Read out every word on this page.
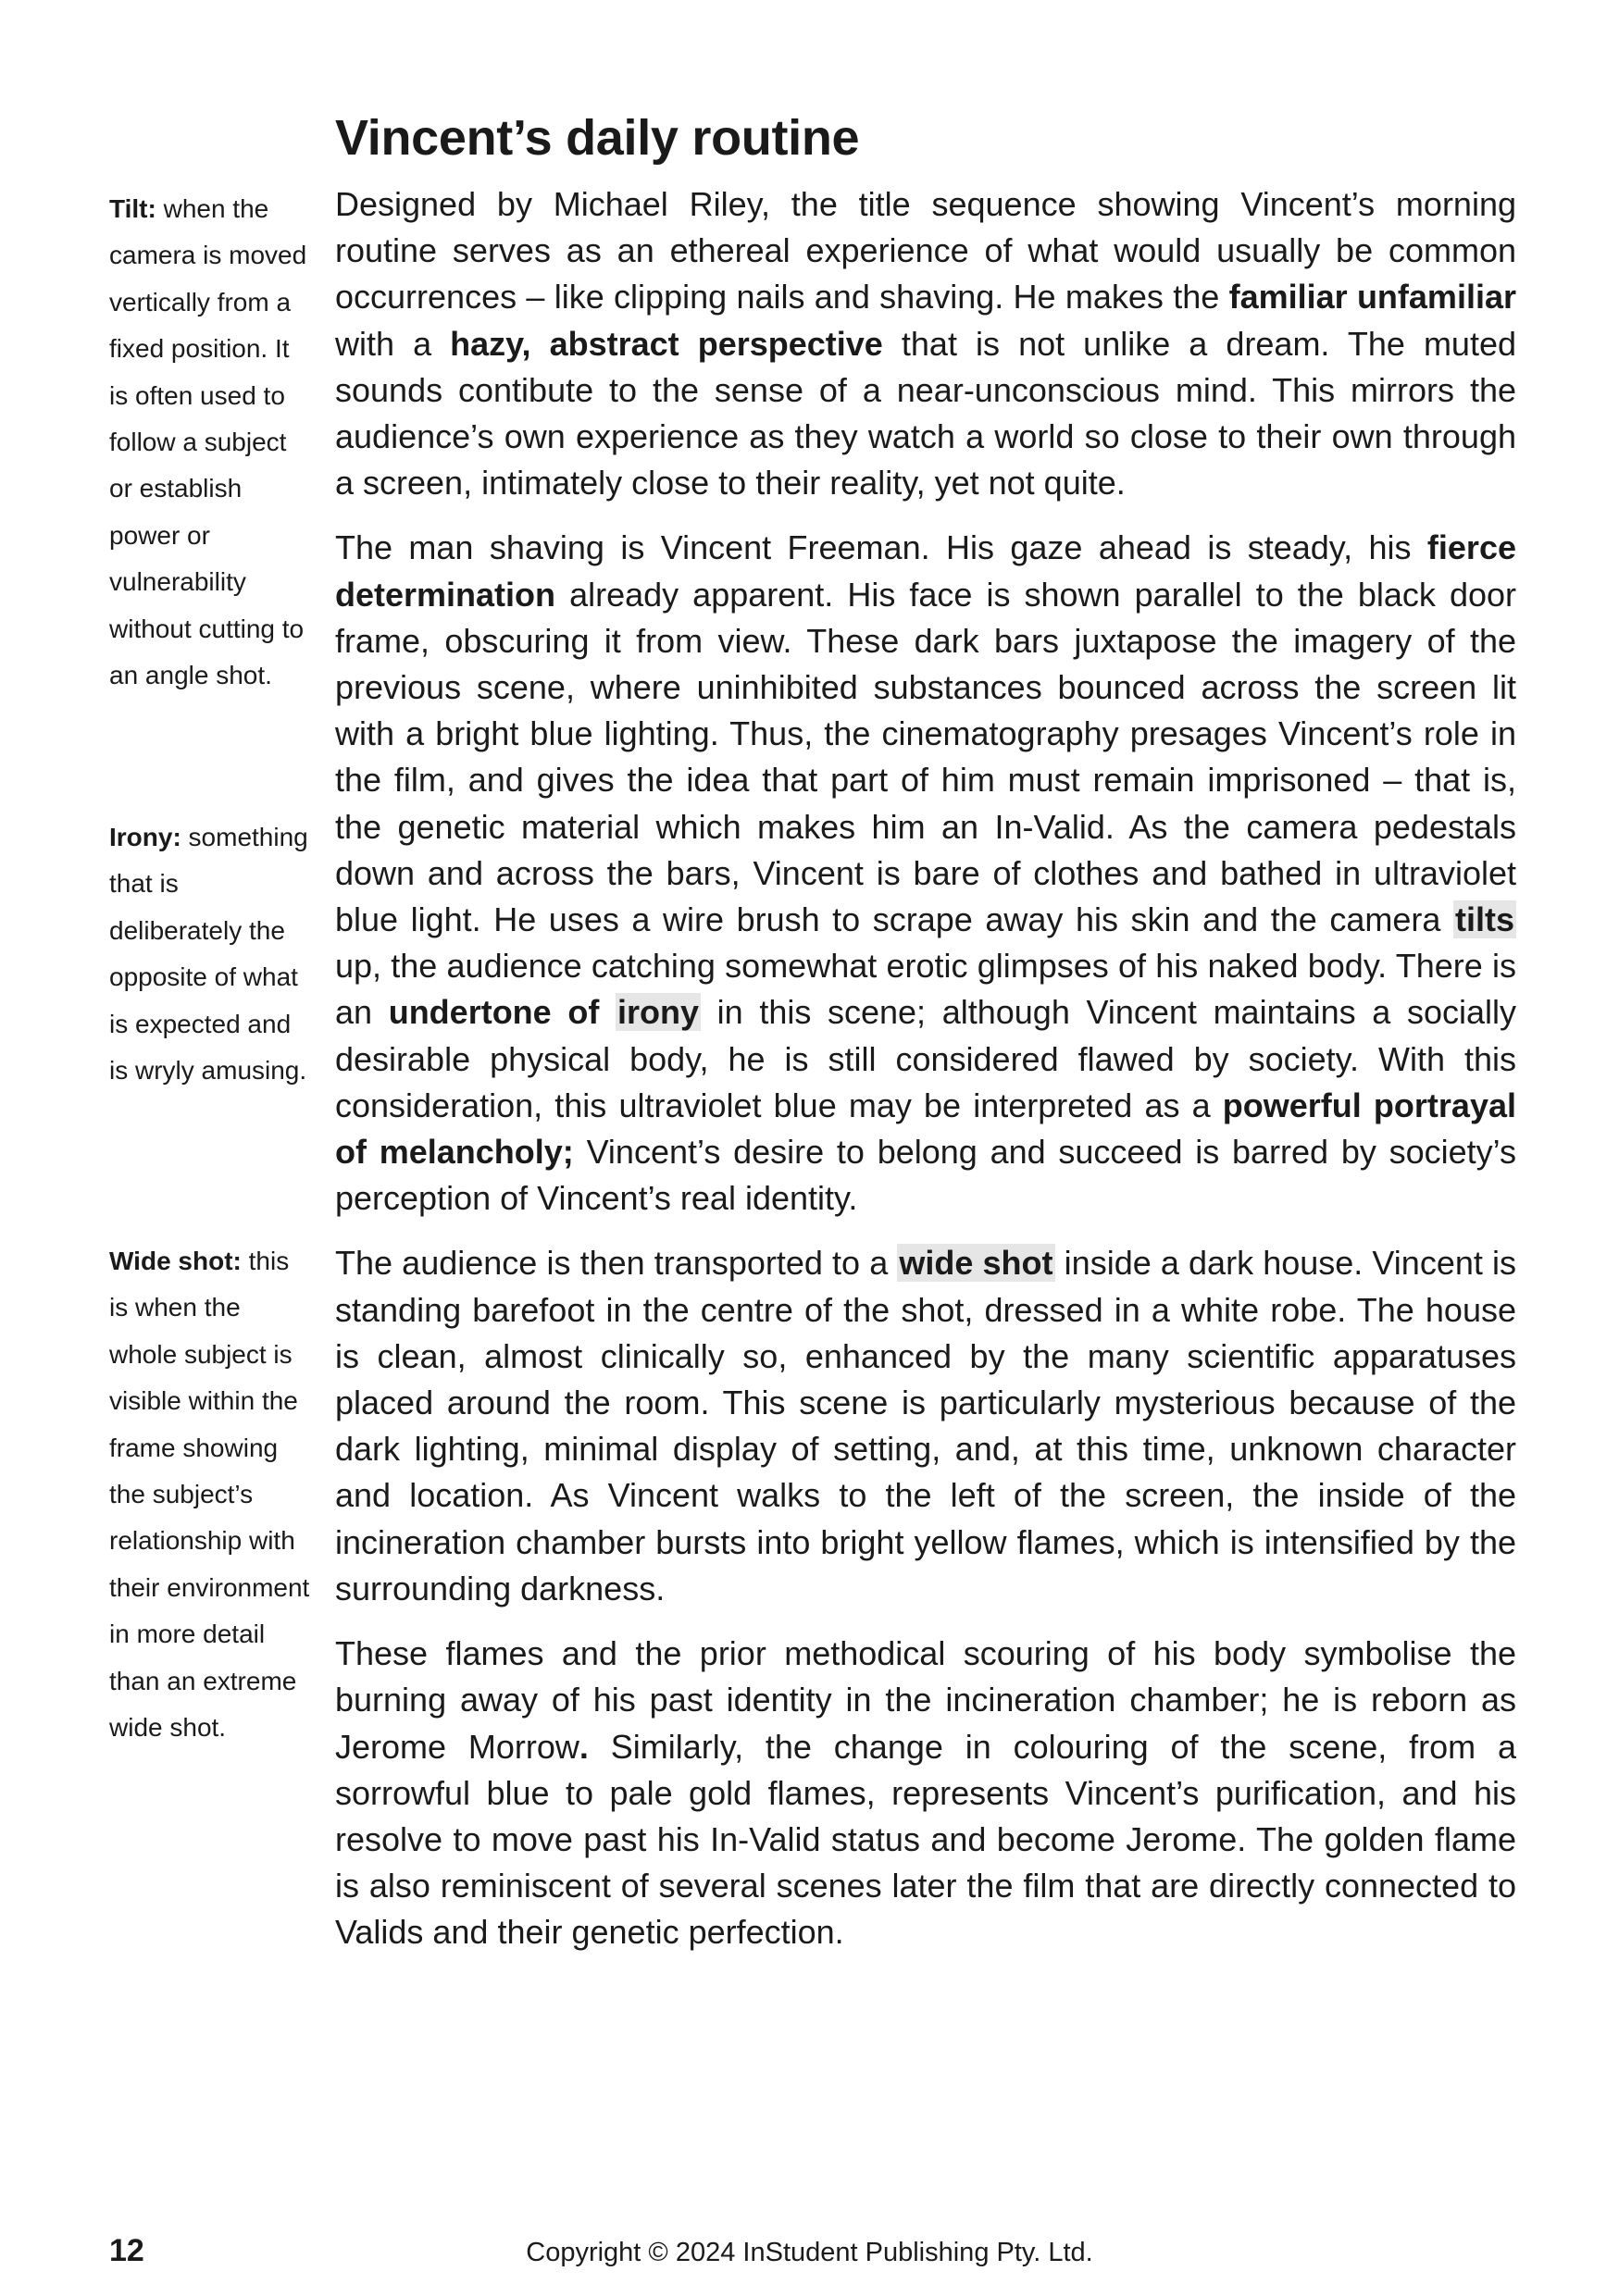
Vincent’s daily routine

Tilt: when the camera is moved vertically from a fixed position. It is often used to follow a subject or establish power or vulnerability without cutting to an angle shot.

Irony: something that is deliberately the opposite of what is expected and is wryly amusing.

Wide shot: this is when the whole subject is visible within the frame showing the subject’s relationship with their environment in more detail than an extreme wide shot.

Designed by Michael Riley, the title sequence showing Vincent’s morning routine serves as an ethereal experience of what would usually be common occurrences – like clipping nails and shaving. He makes the familiar unfamiliar with a hazy, abstract perspective that is not unlike a dream. The muted sounds contibute to the sense of a near-unconscious mind. This mirrors the audience’s own experience as they watch a world so close to their own through a screen, intimately close to their reality, yet not quite.

The man shaving is Vincent Freeman. His gaze ahead is steady, his fierce determination already apparent. His face is shown parallel to the black door frame, obscuring it from view. These dark bars juxtapose the imagery of the previous scene, where uninhibited substances bounced across the screen lit with a bright blue lighting. Thus, the cinematography presages Vincent’s role in the film, and gives the idea that part of him must remain imprisoned – that is, the genetic material which makes him an In-Valid. As the camera pedestals down and across the bars, Vincent is bare of clothes and bathed in ultraviolet blue light. He uses a wire brush to scrape away his skin and the camera tilts up, the audience catching somewhat erotic glimpses of his naked body. There is an undertone of irony in this scene; although Vincent maintains a socially desirable physical body, he is still considered flawed by society. With this consideration, this ultraviolet blue may be interpreted as a powerful portrayal of melancholy; Vincent’s desire to belong and succeed is barred by society’s perception of Vincent’s real identity.

The audience is then transported to a wide shot inside a dark house. Vincent is standing barefoot in the centre of the shot, dressed in a white robe. The house is clean, almost clinically so, enhanced by the many scientific apparatuses placed around the room. This scene is particularly mysterious because of the dark lighting, minimal display of setting, and, at this time, unknown character and location. As Vincent walks to the left of the screen, the inside of the incineration chamber bursts into bright yellow flames, which is intensified by the surrounding darkness.

These flames and the prior methodical scouring of his body symbolise the burning away of his past identity in the incineration chamber; he is reborn as Jerome Morrow. Similarly, the change in colouring of the scene, from a sorrowful blue to pale gold flames, represents Vincent’s purification, and his resolve to move past his In-Valid status and become Jerome. The golden flame is also reminiscent of several scenes later the film that are directly connected to Valids and their genetic perfection.

12	Copyright © 2024 InStudent Publishing Pty. Ltd.
